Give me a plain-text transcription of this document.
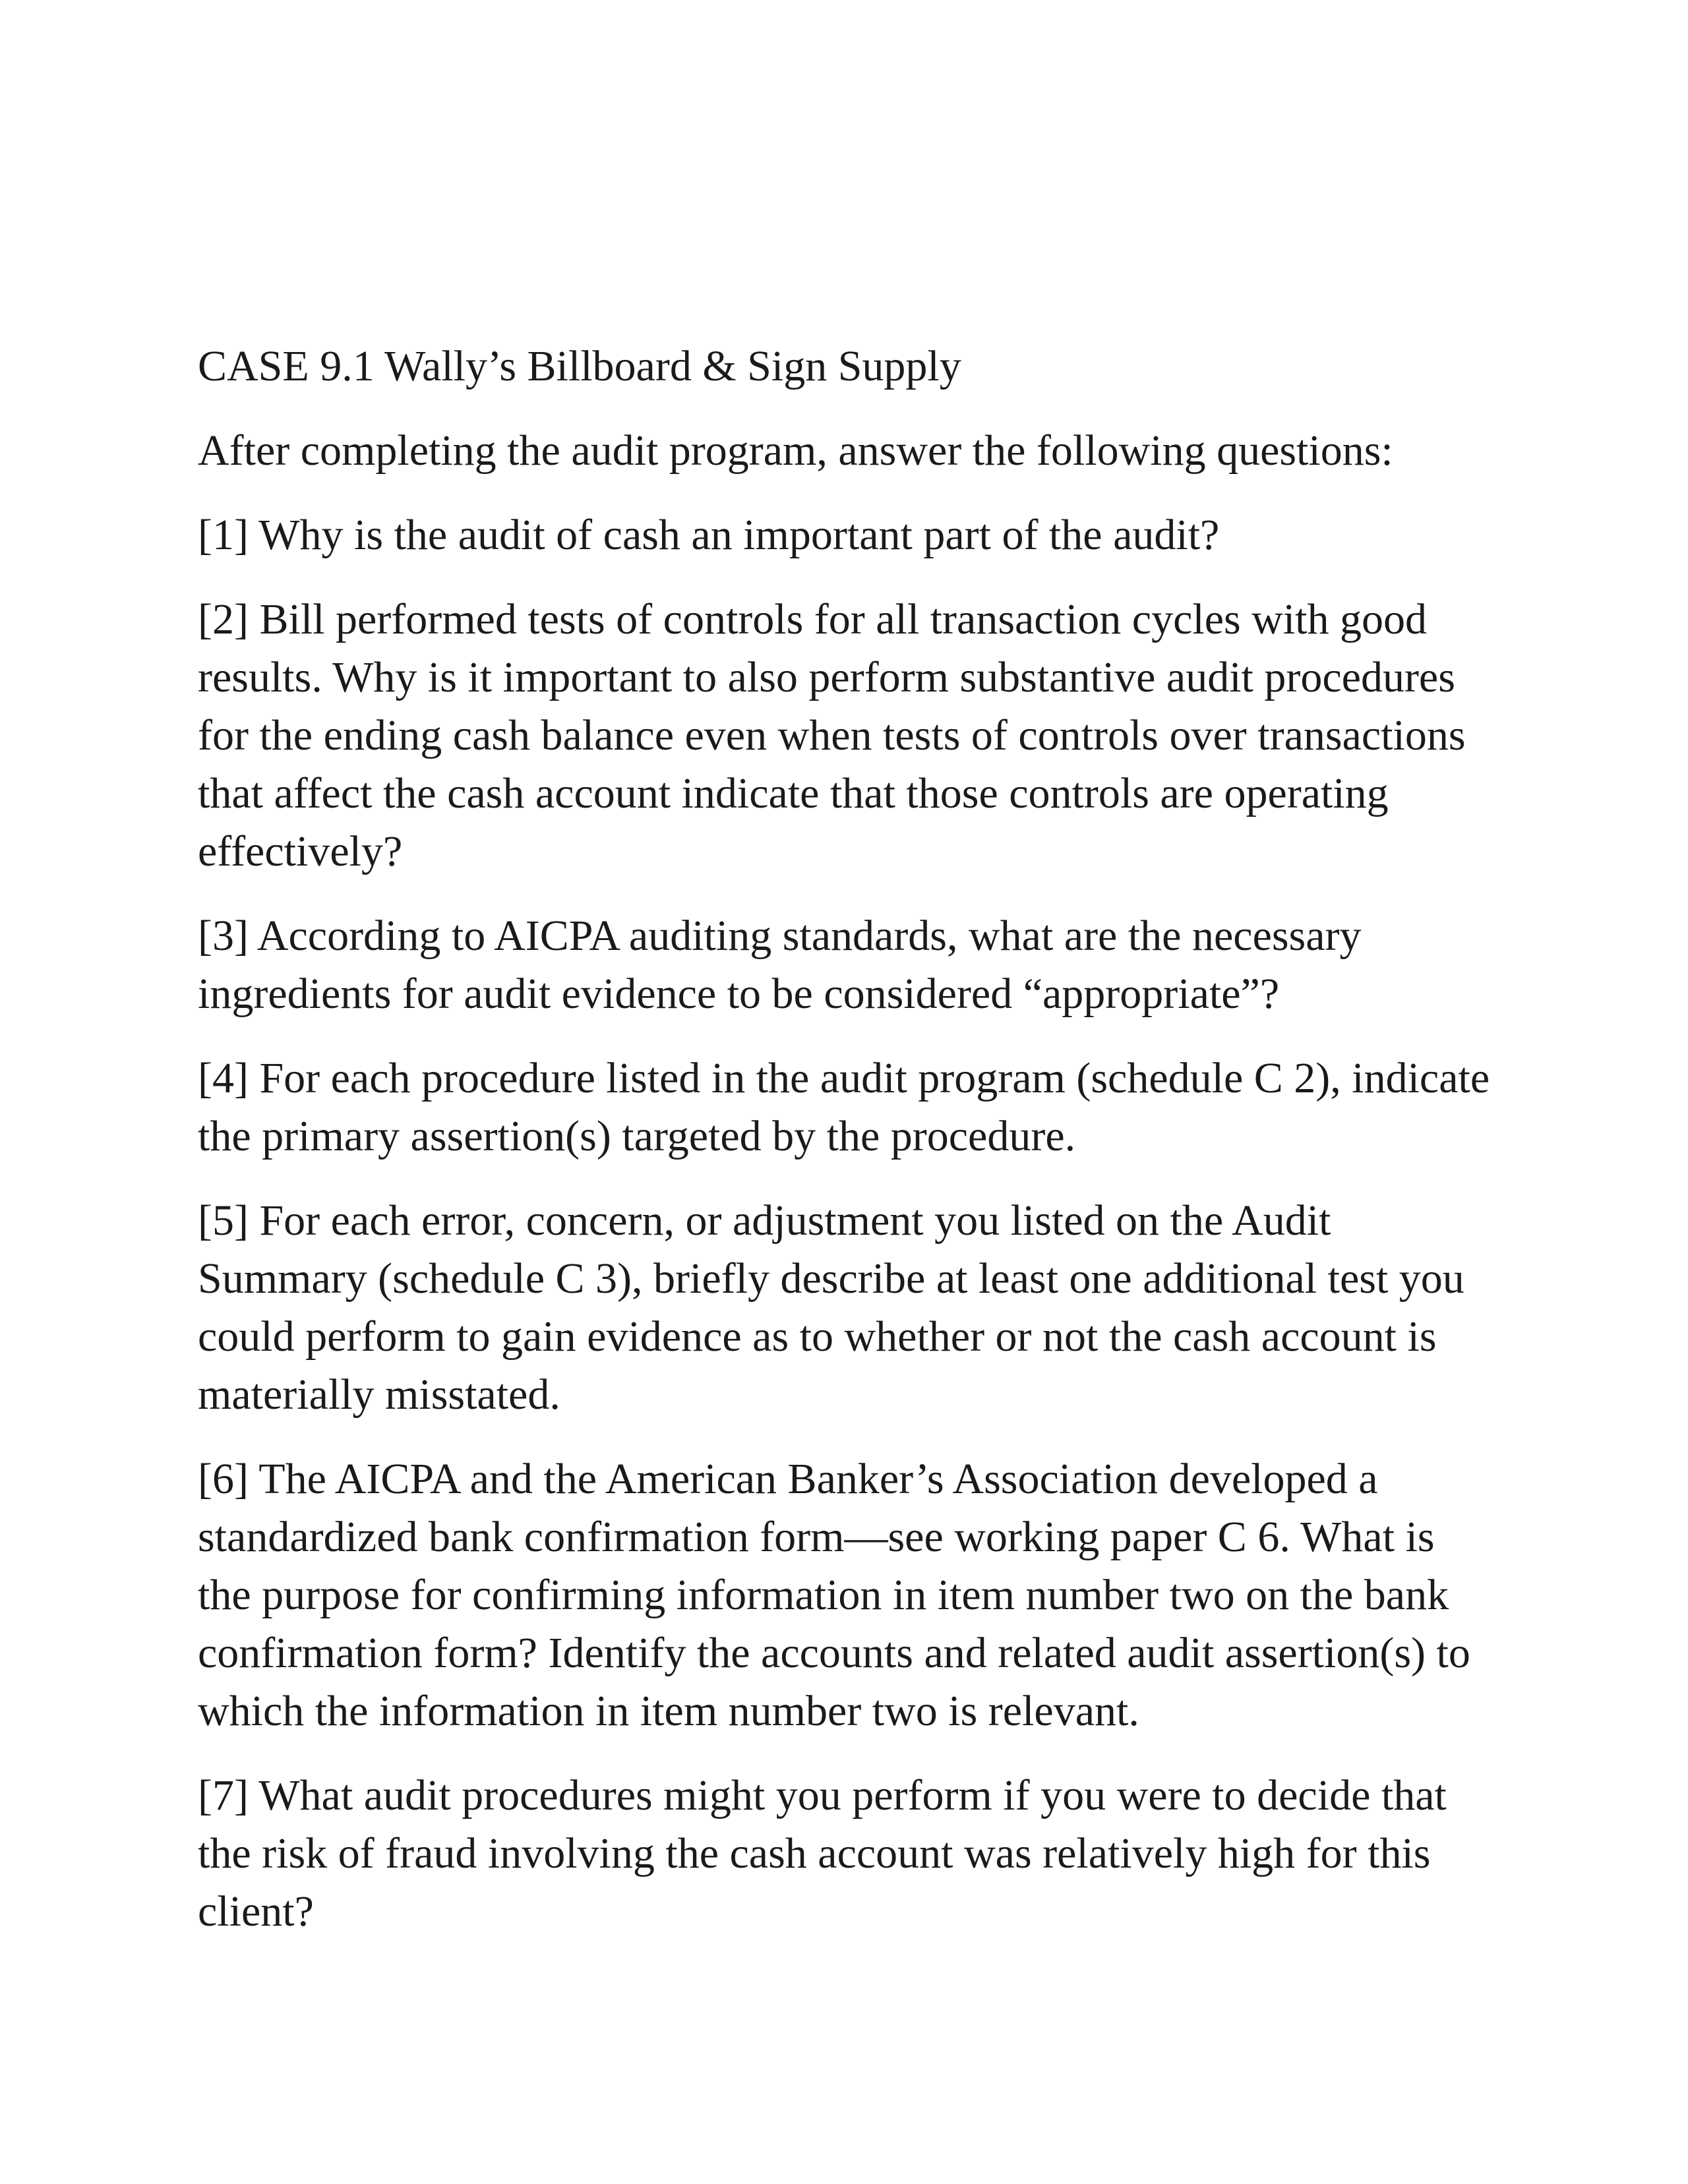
CASE 9.1 Wally’s Billboard & Sign Supply

After completing the audit program, answer the following questions:

[1] Why is the audit of cash an important part of the audit?

[2] Bill performed tests of controls for all transaction cycles with good results. Why is it important to also perform substantive audit procedures for the ending cash balance even when tests of controls over transactions that affect the cash account indicate that those controls are operating effectively?

[3] According to AICPA auditing standards, what are the necessary ingredients for audit evidence to be considered “appropriate”?

[4] For each procedure listed in the audit program (schedule C 2), indicate the primary assertion(s) targeted by the procedure.

[5] For each error, concern, or adjustment you listed on the Audit Summary (schedule C 3), briefly describe at least one additional test you could perform to gain evidence as to whether or not the cash account is materially misstated.

[6] The AICPA and the American Banker’s Association developed a standardized bank confirmation form—see working paper C 6. What is the purpose for confirming information in item number two on the bank confirmation form? Identify the accounts and related audit assertion(s) to which the information in item number two is relevant.

[7] What audit procedures might you perform if you were to decide that the risk of fraud involving the cash account was relatively high for this client?
